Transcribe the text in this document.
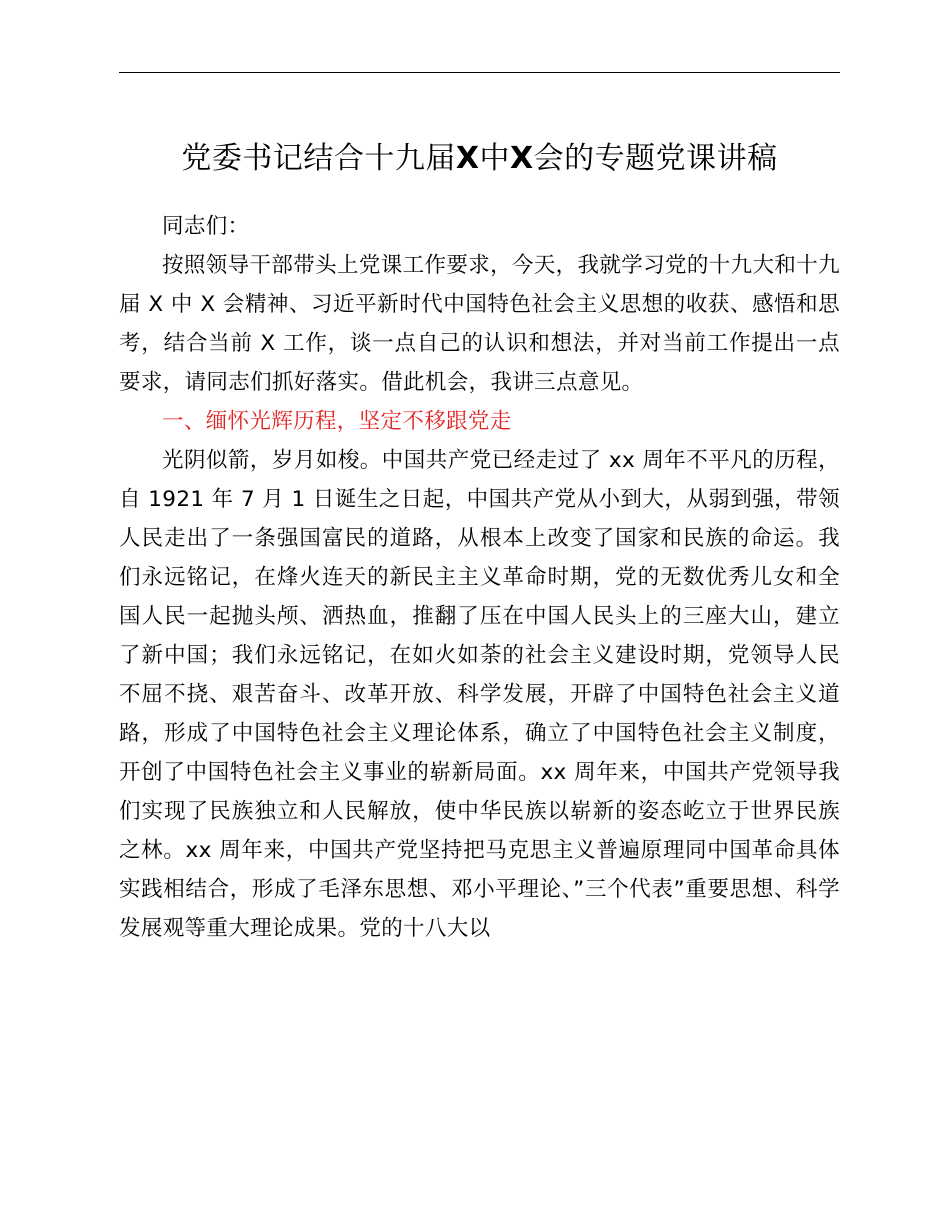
党委书记结合十九届X中X会的专题党课讲稿

同志们：

按照领导干部带头上党课工作要求，今天，我就学习党的十九大和十九届 X 中 X 会精神、习近平新时代中国特色社会主义思想的收获、感悟和思考，结合当前 X 工作，谈一点自己的认识和想法，并对当前工作提出一点要求，请同志们抓好落实。借此机会，我讲三点意见。

一、缅怀光辉历程，坚定不移跟党走

光阴似箭，岁月如梭。中国共产党已经走过了 xx 周年不平凡的历程，自 1921 年 7 月 1 日诞生之日起，中国共产党从小到大，从弱到强，带领人民走出了一条强国富民的道路，从根本上改变了国家和民族的命运。我们永远铭记，在烽火连天的新民主主义革命时期，党的无数优秀儿女和全国人民一起抛头颅、洒热血，推翻了压在中国人民头上的三座大山，建立了新中国；我们永远铭记，在如火如荼的社会主义建设时期，党领导人民不屈不挠、艰苦奋斗、改革开放、科学发展，开辟了中国特色社会主义道路，形成了中国特色社会主义理论体系，确立了中国特色社会主义制度，开创了中国特色社会主义事业的崭新局面。xx 周年来，中国共产党领导我们实现了民族独立和人民解放，使中华民族以崭新的姿态屹立于世界民族之林。xx 周年来，中国共产党坚持把马克思主义普遍原理同中国革命具体实践相结合，形成了毛泽东思想、邓小平理论、”三个代表”重要思想、科学发展观等重大理论成果。党的十八大以
